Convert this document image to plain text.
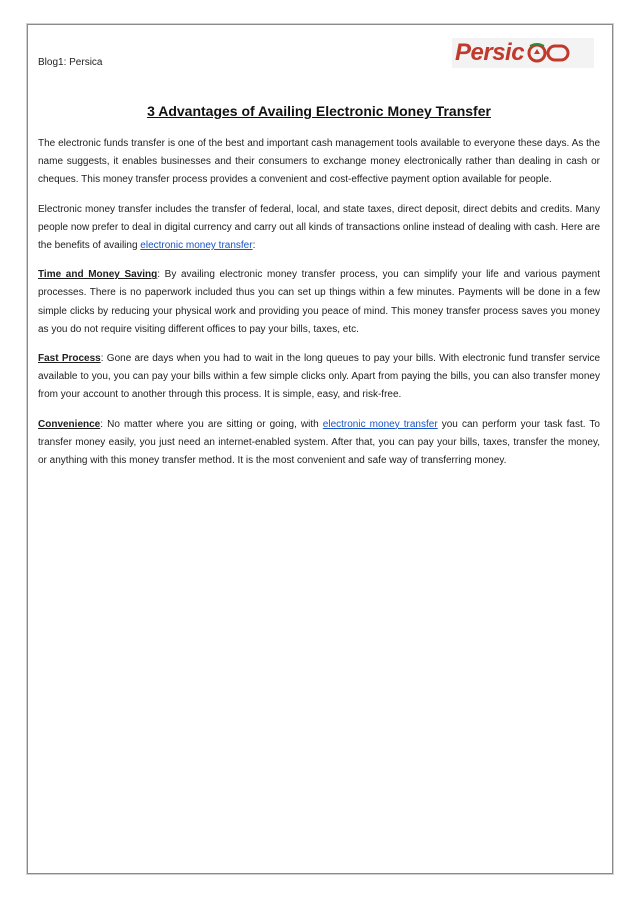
Blog1: Persica	Persic
3 Advantages of Availing Electronic Money Transfer

The electronic funds transfer is one of the best and important cash management tools available to everyone these days. As the name suggests, it enables businesses and their consumers to exchange money electronically rather than dealing in cash or cheques. This money transfer process provides a convenient and cost-effective payment option available for people.

Electronic money transfer includes the transfer of federal, local, and state taxes, direct deposit, direct debits and credits. Many people now prefer to deal in digital currency and carry out all kinds of transactions online instead of dealing with cash. Here are the benefits of availing electronic money transfer:

Time and Money Saving: By availing electronic money transfer process, you can simplify your life and various payment processes. There is no paperwork included thus you can set up things within a few minutes. Payments will be done in a few simple clicks by reducing your physical work and providing you peace of mind. This money transfer process saves you money as you do not require visiting different offices to pay your bills, taxes, etc.

Fast Process: Gone are days when you had to wait in the long queues to pay your bills. With electronic fund transfer service available to you, you can pay your bills within a few simple clicks only. Apart from paying the bills, you can also transfer money from your account to another through this process. It is simple, easy, and risk-free.

Convenience: No matter where you are sitting or going, with electronic money transfer you can perform your task fast. To transfer money easily, you just need an internet-enabled system. After that, you can pay your bills, taxes, transfer the money, or anything with this money transfer method. It is the most convenient and safe way of transferring money.
